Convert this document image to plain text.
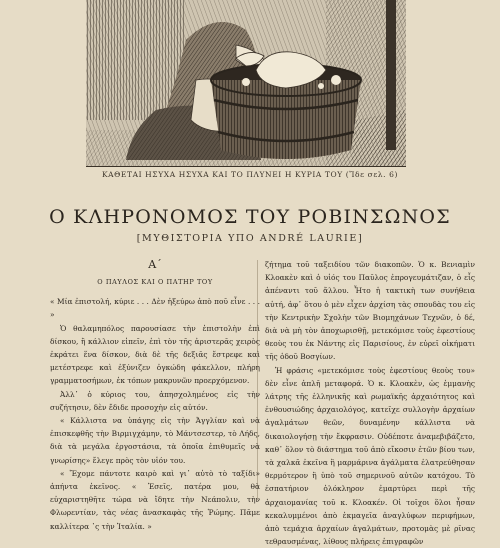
ΚΑΘΕΤΑΙ ΗΣΥΧΑ ΗΣΥΧΑ ΚΑΙ ΤΟ ΠΛΥΝΕΙ Η ΚΥΡΙΑ ΤΟΥ (Ἴδε σελ. 6)
Ο ΚΛΗΡΟΝΟΜΟΣ ΤΟΥ ΡΟΒΙΝΣΩΝΟΣ
[ΜΥΘΙΣΤΟΡΙΑ ΥΠΟ ANDRÉ LAURIE]
Α΄
Ο ΠΑΥΛΟΣ ΚΑΙ Ο ΠΑΤΗΡ ΤΟΥ

« Μία ἐπιστολή, κύριε . . . Δὲν ἠξεύρω ἀπὸ ποῦ εἶνε . . . »

Ὁ θαλαμηπόλος παρουσίασε τὴν ἐπιστολὴν ἐπὶ δίσκου, ἢ κάλλιον εἰπεῖν, ἐπὶ τὸν τῆς ἀριστερᾶς χειρὸς ἐκράτει ἕνα δίσκον, διὰ δὲ τῆς δεξιᾶς ἔστρεφε καὶ μετέστρεφε καὶ ἐξύνιζεν ὀγκώδη φάκελλον, πλήρη γραμματοσήμων, ἐκ τόπων μακρυνῶν προερχόμενον.

Ἀλλ᾽ ὁ κύριος του, ἀπησχολημένος εἰς τὴν συζήτησιν, δὲν ἔδιδε προσοχὴν εἰς αὐτόν.

« Κάλλιστα να ὑπάγης εἰς τὴν Ἀγγλίαν καὶ νὰ ἐπισκεφθῆς τὴν Βιρμιγχάμην, τὸ Μάντσεστερ, τὸ Λήδς, διὰ τὰ μεγάλα ἐργοστάσια, τὰ ὁποῖα ἐπιθυμεῖς νὰ γνωρίσης» ἔλεγε πρὸς τὸν υἱόν του.

« Ἔχομε πάντοτε καιρὸ καὶ γι᾽ αὐτὸ τὸ ταξίδι» ἀπήντα ἐκεῖνος. « Ἐσεῖς, πατέρα μου, θὰ εὐχαριστηθῆτε τώρα νὰ ἴδητε τὴν Νεάπολιν, τὴν Φλωρεντίαν, τὰς νέας ἀνασκαφὰς τῆς Ῥώμης. Πᾶμε καλλίτερα ᾽ς τὴν Ἰταλία. »

ζήτημα τοῦ ταξειδίου τῶν διακοπῶν. Ὁ κ. Βενιαμὶν Κλοακὲν καὶ ὁ υἱός του Παῦλος ἐπρογευμάτιζαν, ὁ εἷς ἀπέναντι τοῦ ἄλλου. Ἦτο ἡ τακτικὴ των συνήθεια αὐτή, ἀφ᾽ ὅτου ὁ μὲν εἶχεν ἀρχίση τὰς σπουδὰς του εἰς τὴν Κεντρικὴν Σχολὴν τῶν Βιομηχάνων Τεχνῶν, ὁ δέ, διὰ νὰ μὴ τὸν ἀποχωρισθῇ, μετεκόμισε τοὺς ἐφεστίους θεοὺς του ἐκ Νάντης εἰς Παρισίους, ἐν εὐρεῖ οἰκήματι τῆς ὁδοῦ Βοσγίων.

Ἡ φράσις «μετεκόμισε τοὺς ἐφεστίους θεοὺς του» δὲν εἶνε ἁπλῆ μεταφορά. Ὁ κ. Κλοακὲν, ὡς ἐμμανὴς λάτρης τῆς ἑλληνικῆς καὶ ρωμαϊκῆς ἀρχαιότητος καὶ ἐνθουσιώδης ἀρχαιολόγος, κατεῖχε συλλογὴν ἀρχαίων ἀγαλμάτων θεῶν, δυναμένην κάλλιστα νὰ δικαιολογήσῃ τὴν ἔκφρασιν. Οὐδέποτε ἀναμεβιβάζετο, καθ᾽ ὅλον τὸ διάστημα τοῦ ἀπὸ εἴκοσιν ἐτῶν βίου των, τὰ χαλκᾶ ἐκεῖνα ἢ μαρμάρινα ἀγάλματα ἐλατρεύθησαν θερμότερον ἢ ὑπὸ τοῦ σημερινοῦ αὐτῶν κατόχου. Τὸ ἐσπατήριον ὁλόκληρον ἐμαρτύρει περὶ τῆς ἀρχαιομανίας τοῦ κ. Κλοακέν. Οἱ τοῖχοι ὅλοι ἦσαν κεκαλυμμένοι ἀπὸ ἐκμαγεῖα ἀναγλύφων περιφήμων, ἀπὸ τεμάχια ἀρχαίων ἀγαλμάτων, προτομὰς μὲ ρῖνας τεθραυσμένας, λίθους πλήρεις ἐπιγραφῶν
